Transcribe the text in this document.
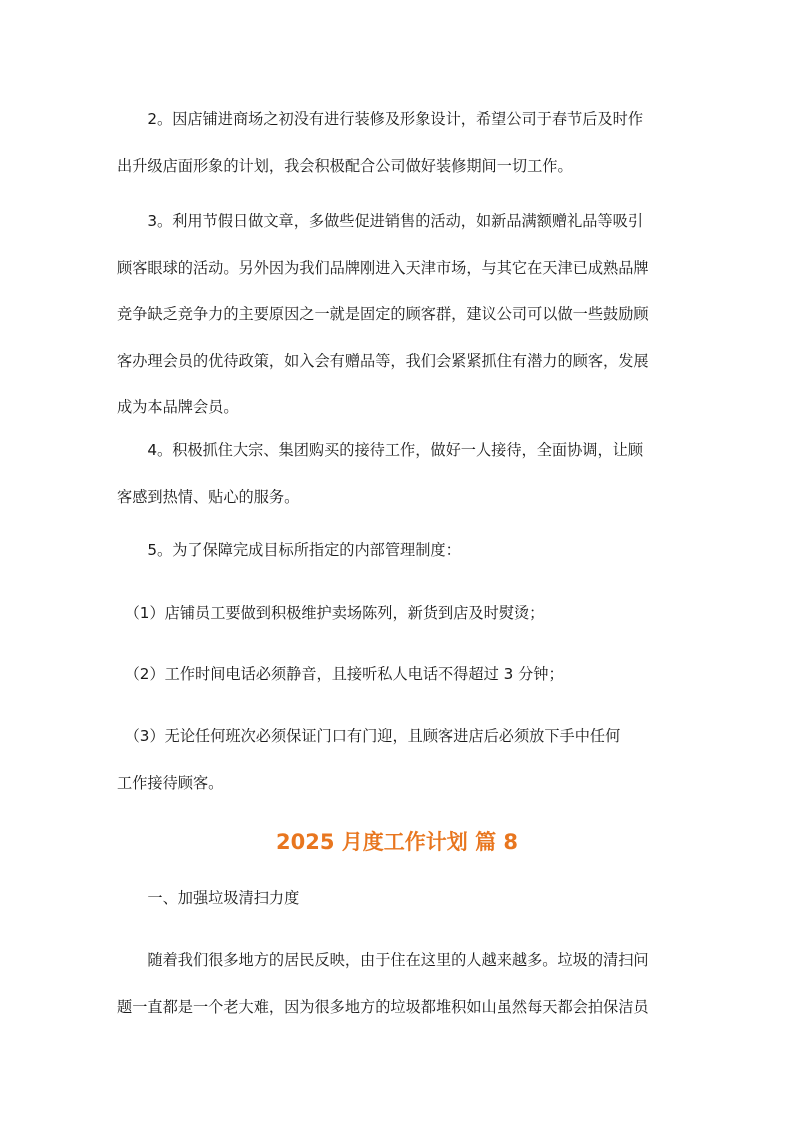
　　2。因店铺进商场之初没有进行装修及形象设计，希望公司于春节后及时作
出升级店面形象的计划，我会积极配合公司做好装修期间一切工作。
　　3。利用节假日做文章，多做些促进销售的活动，如新品满额赠礼品等吸引
顾客眼球的活动。另外因为我们品牌刚进入天津市场，与其它在天津已成熟品牌
竞争缺乏竞争力的主要原因之一就是固定的顾客群，建议公司可以做一些鼓励顾
客办理会员的优待政策，如入会有赠品等，我们会紧紧抓住有潜力的顾客，发展
成为本品牌会员。
　　4。积极抓住大宗、集团购买的接待工作，做好一人接待，全面协调，让顾
客感到热情、贴心的服务。
　　5。为了保障完成目标所指定的内部管理制度：
　（1）店铺员工要做到积极维护卖场陈列，新货到店及时熨烫；
　（2）工作时间电话必须静音，且接听私人电话不得超过 3 分钟；
　（3）无论任何班次必须保证门口有门迎，且顾客进店后必须放下手中任何
工作接待顾客。
2025 月度工作计划 篇 8
　　一、加强垃圾清扫力度
　　随着我们很多地方的居民反映，由于住在这里的人越来越多。垃圾的清扫问
题一直都是一个老大难，因为很多地方的垃圾都堆积如山虽然每天都会拍保洁员
